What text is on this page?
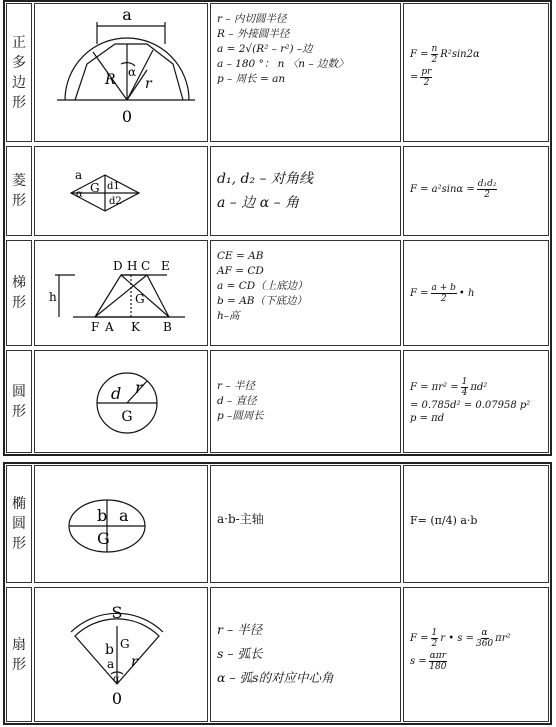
正
多
边
形
a
R r
α
0
r – 内切圆半径
R – 外接圆半径
a = 2√(R² – r²) –边
a – 180 °： n 〈n – 边数〉
p – 周长 = an
$F = \frac{n}{2} R^2\sin 2\alpha$
= $\frac{pr}{2}$
菱
形
a
α G d1
d2
d₁, d₂ – 对角线
a – 边 α – 角
$F = a^2\sin\alpha = \frac{\text{d₁d₂}}{2}$
梯
形
D H C E
h	G
F A K B
CE = AB
AF = CD
a = CD（上底边）
b = AB（下底边）
h–高
$F = \frac{a + b}{2}$ • h
圆
形
d r
G
r – 半径
d – 直径
p –圆周长
$F = \pi r^2 = \frac{1}{4} \pi d^2$
= 0.785d² = 0.07958 p²
p = πd
椭
圆
形
b a
G
a·b-主轴	F= (π/4) a·b
扇
形
S
b G
a r
α
0
r – 半径
s – 弧长
α – 弧s的对应中心角
$F = \frac{1}{2}$ r • $s = \frac{\alpha}{360} \pi r^2$
$s = \frac{\text{απr}}{180}$
